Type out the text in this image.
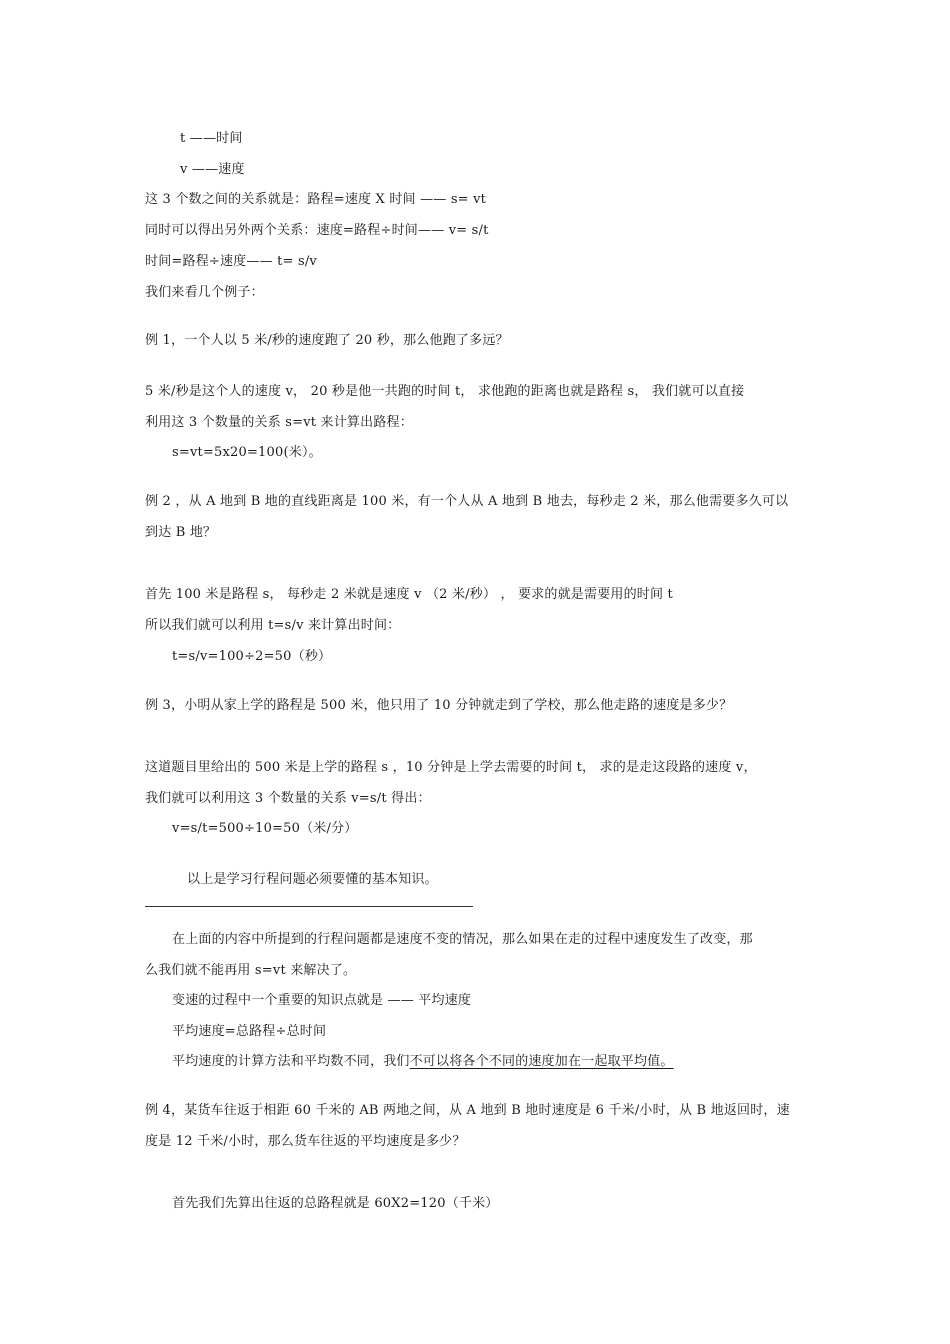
t ——时间
v ——速度
这 3 个数之间的关系就是：路程=速度 X 时间 —— s= vt
同时可以得出另外两个关系：速度=路程÷时间—— v= s/t
时间=路程÷速度—— t= s/v
我们来看几个例子：
例 1，一个人以 5 米/秒的速度跑了 20 秒，那么他跑了多远？
5 米/秒是这个人的速度 v， 20 秒是他一共跑的时间 t， 求他跑的距离也就是路程 s， 我们就可以直接
利用这 3 个数量的关系 s=vt 来计算出路程：
s=vt=5x20=100(米）。
例 2 ，从 A 地到 B 地的直线距离是 100 米，有一个人从 A 地到 B 地去，每秒走 2 米，那么他需要多久可以
到达 B 地？
首先 100 米是路程 s， 每秒走 2 米就是速度 v （2 米/秒） ， 要求的就是需要用的时间 t
所以我们就可以利用 t=s/v 来计算出时间：
t=s/v=100÷2=50（秒）
例 3，小明从家上学的路程是 500 米，他只用了 10 分钟就走到了学校，那么他走路的速度是多少？
这道题目里给出的 500 米是上学的路程 s ，10 分钟是上学去需要的时间 t， 求的是走这段路的速度 v，
我们就可以利用这 3 个数量的关系 v=s/t 得出：
v=s/t=500÷10=50（米/分）
以上是学习行程问题必须要懂的基本知识。
在上面的内容中所提到的行程问题都是速度不变的情况，那么如果在走的过程中速度发生了改变，那
么我们就不能再用 s=vt 来解决了。
变速的过程中一个重要的知识点就是 —— 平均速度
平均速度=总路程÷总时间
平均速度的计算方法和平均数不同，我们不可以将各个不同的速度加在一起取平均值。
例 4，某货车往返于相距 60 千米的 AB 两地之间，从 A 地到 B 地时速度是 6 千米/小时，从 B 地返回时，速
度是 12 千米/小时，那么货车往返的平均速度是多少？
首先我们先算出往返的总路程就是 60X2=120（千米）
